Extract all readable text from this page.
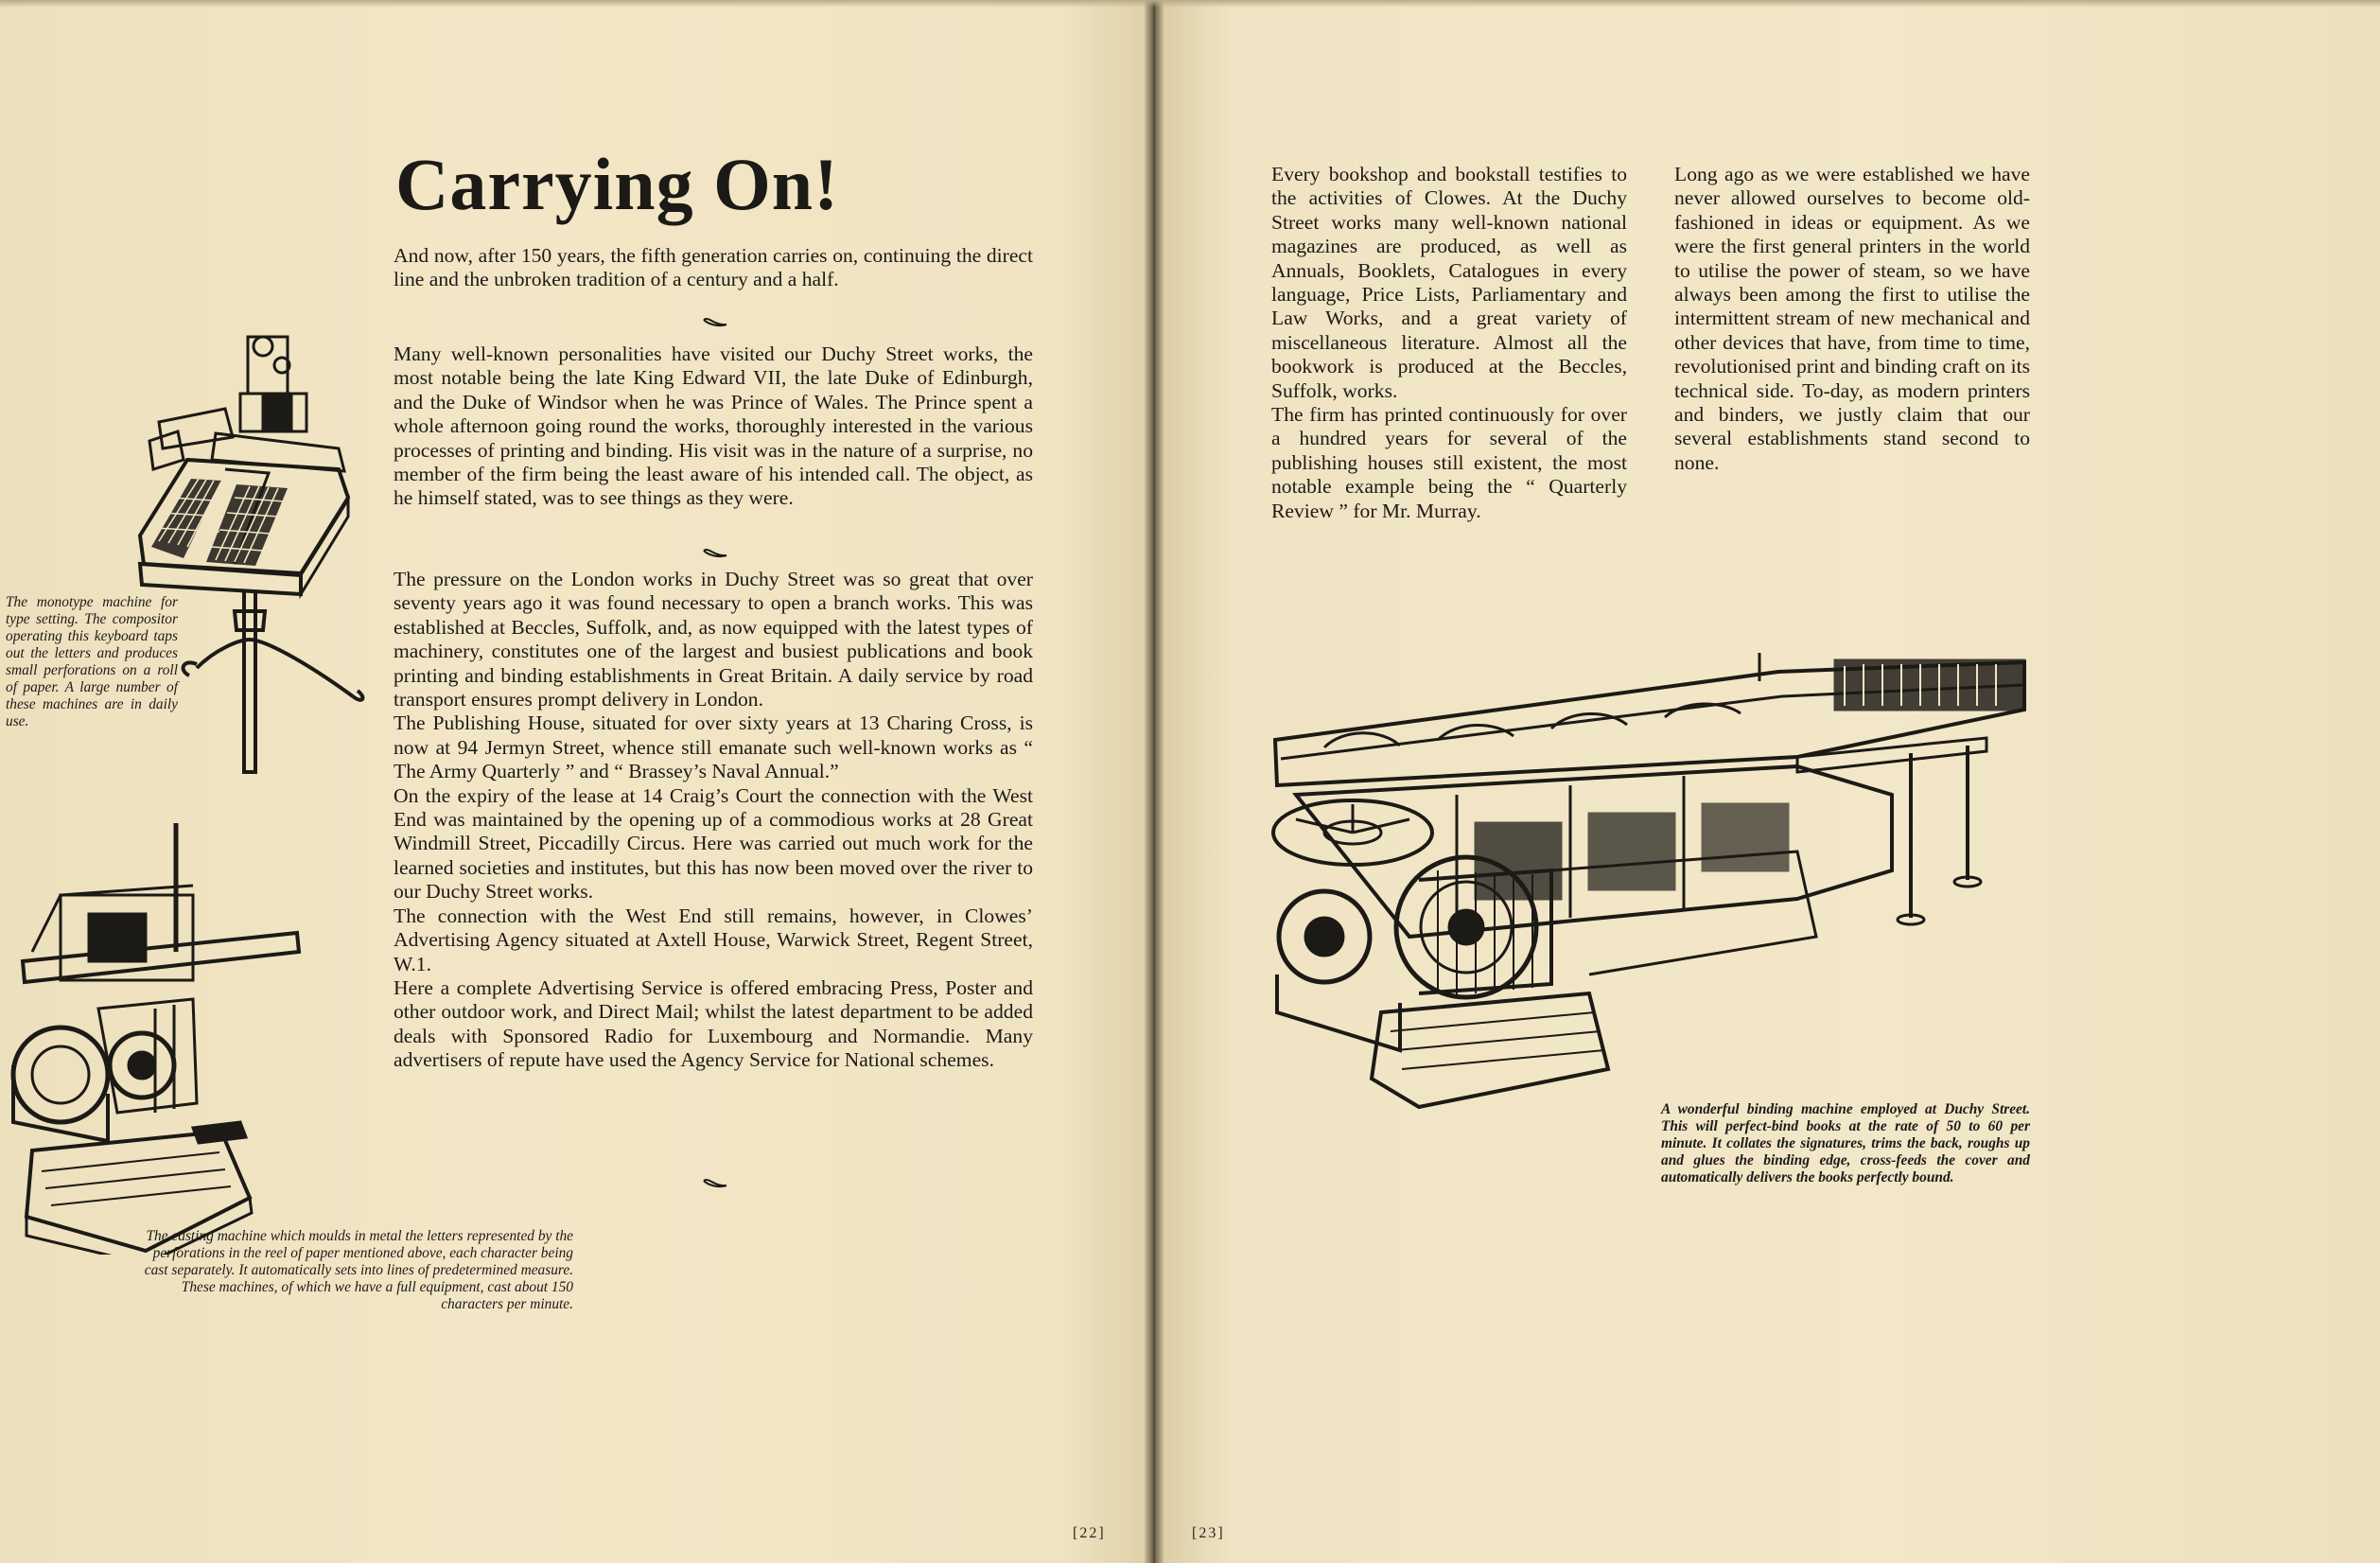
Carrying On!

And now, after 150 years, the fifth generation carries on, continuing the direct line and the unbroken tradition of a century and a half.

Many well-known personalities have visited our Duchy Street works, the most notable being the late King Edward VII, the late Duke of Edinburgh, and the Duke of Windsor when he was Prince of Wales. The Prince spent a whole afternoon going round the works, thoroughly interested in the various processes of printing and binding. His visit was in the nature of a surprise, no member of the firm being the least aware of his intended call. The object, as he himself stated, was to see things as they were.

The pressure on the London works in Duchy Street was so great that over seventy years ago it was found necessary to open a branch works. This was established at Beccles, Suffolk, and, as now equipped with the latest types of machinery, constitutes one of the largest and busiest publications and book printing and binding establishments in Great Britain. A daily service by road transport ensures prompt delivery in London.

The Publishing House, situated for over sixty years at 13 Charing Cross, is now at 94 Jermyn Street, whence still emanate such well-known works as “ The Army Quarterly ” and “ Brassey’s Naval Annual.”

On the expiry of the lease at 14 Craig’s Court the connection with the West End was maintained by the opening up of a commodious works at 28 Great Windmill Street, Piccadilly Circus. Here was carried out much work for the learned societies and institutes, but this has now been moved over the river to our Duchy Street works.

The connection with the West End still remains, however, in Clowes’ Advertising Agency situated at Axtell House, Warwick Street, Regent Street, W.1.

Here a complete Advertising Service is offered embracing Press, Poster and other outdoor work, and Direct Mail; whilst the latest department to be added deals with Sponsored Radio for Luxembourg and Normandie. Many advertisers of repute have used the Agency Service for National schemes.

The monotype machine for type setting. The compositor operating this keyboard taps out the letters and produces small perforations on a roll of paper. A large number of these machines are in daily use.

The casting machine which moulds in metal the letters represented by the perforations in the reel of paper mentioned above, each character being cast separately. It automatically sets into lines of predetermined measure. These machines, of which we have a full equipment, cast about 150 characters per minute.

[22]

Every bookshop and bookstall testifies to the activities of Clowes. At the Duchy Street works many well-known national magazines are produced, as well as Annuals, Booklets, Catalogues in every language, Price Lists, Parliamentary and Law Works, and a great variety of miscellaneous literature. Almost all the bookwork is produced at the Beccles, Suffolk, works.

The firm has printed continuously for over a hundred years for several of the publishing houses still existent, the most notable example being the “ Quarterly Review ” for Mr. Murray.

Long ago as we were established we have never allowed ourselves to become old-fashioned in ideas or equipment. As we were the first general printers in the world to utilise the power of steam, so we have always been among the first to utilise the intermittent stream of new mechanical and other devices that have, from time to time, revolutionised print and binding craft on its technical side. To-day, as modern printers and binders, we justly claim that our several establishments stand second to none.

A wonderful binding machine employed at Duchy Street. This will perfect-bind books at the rate of 50 to 60 per minute. It collates the signatures, trims the back, roughs up and glues the binding edge, cross-feeds the cover and automatically delivers the books perfectly bound.

[23]
